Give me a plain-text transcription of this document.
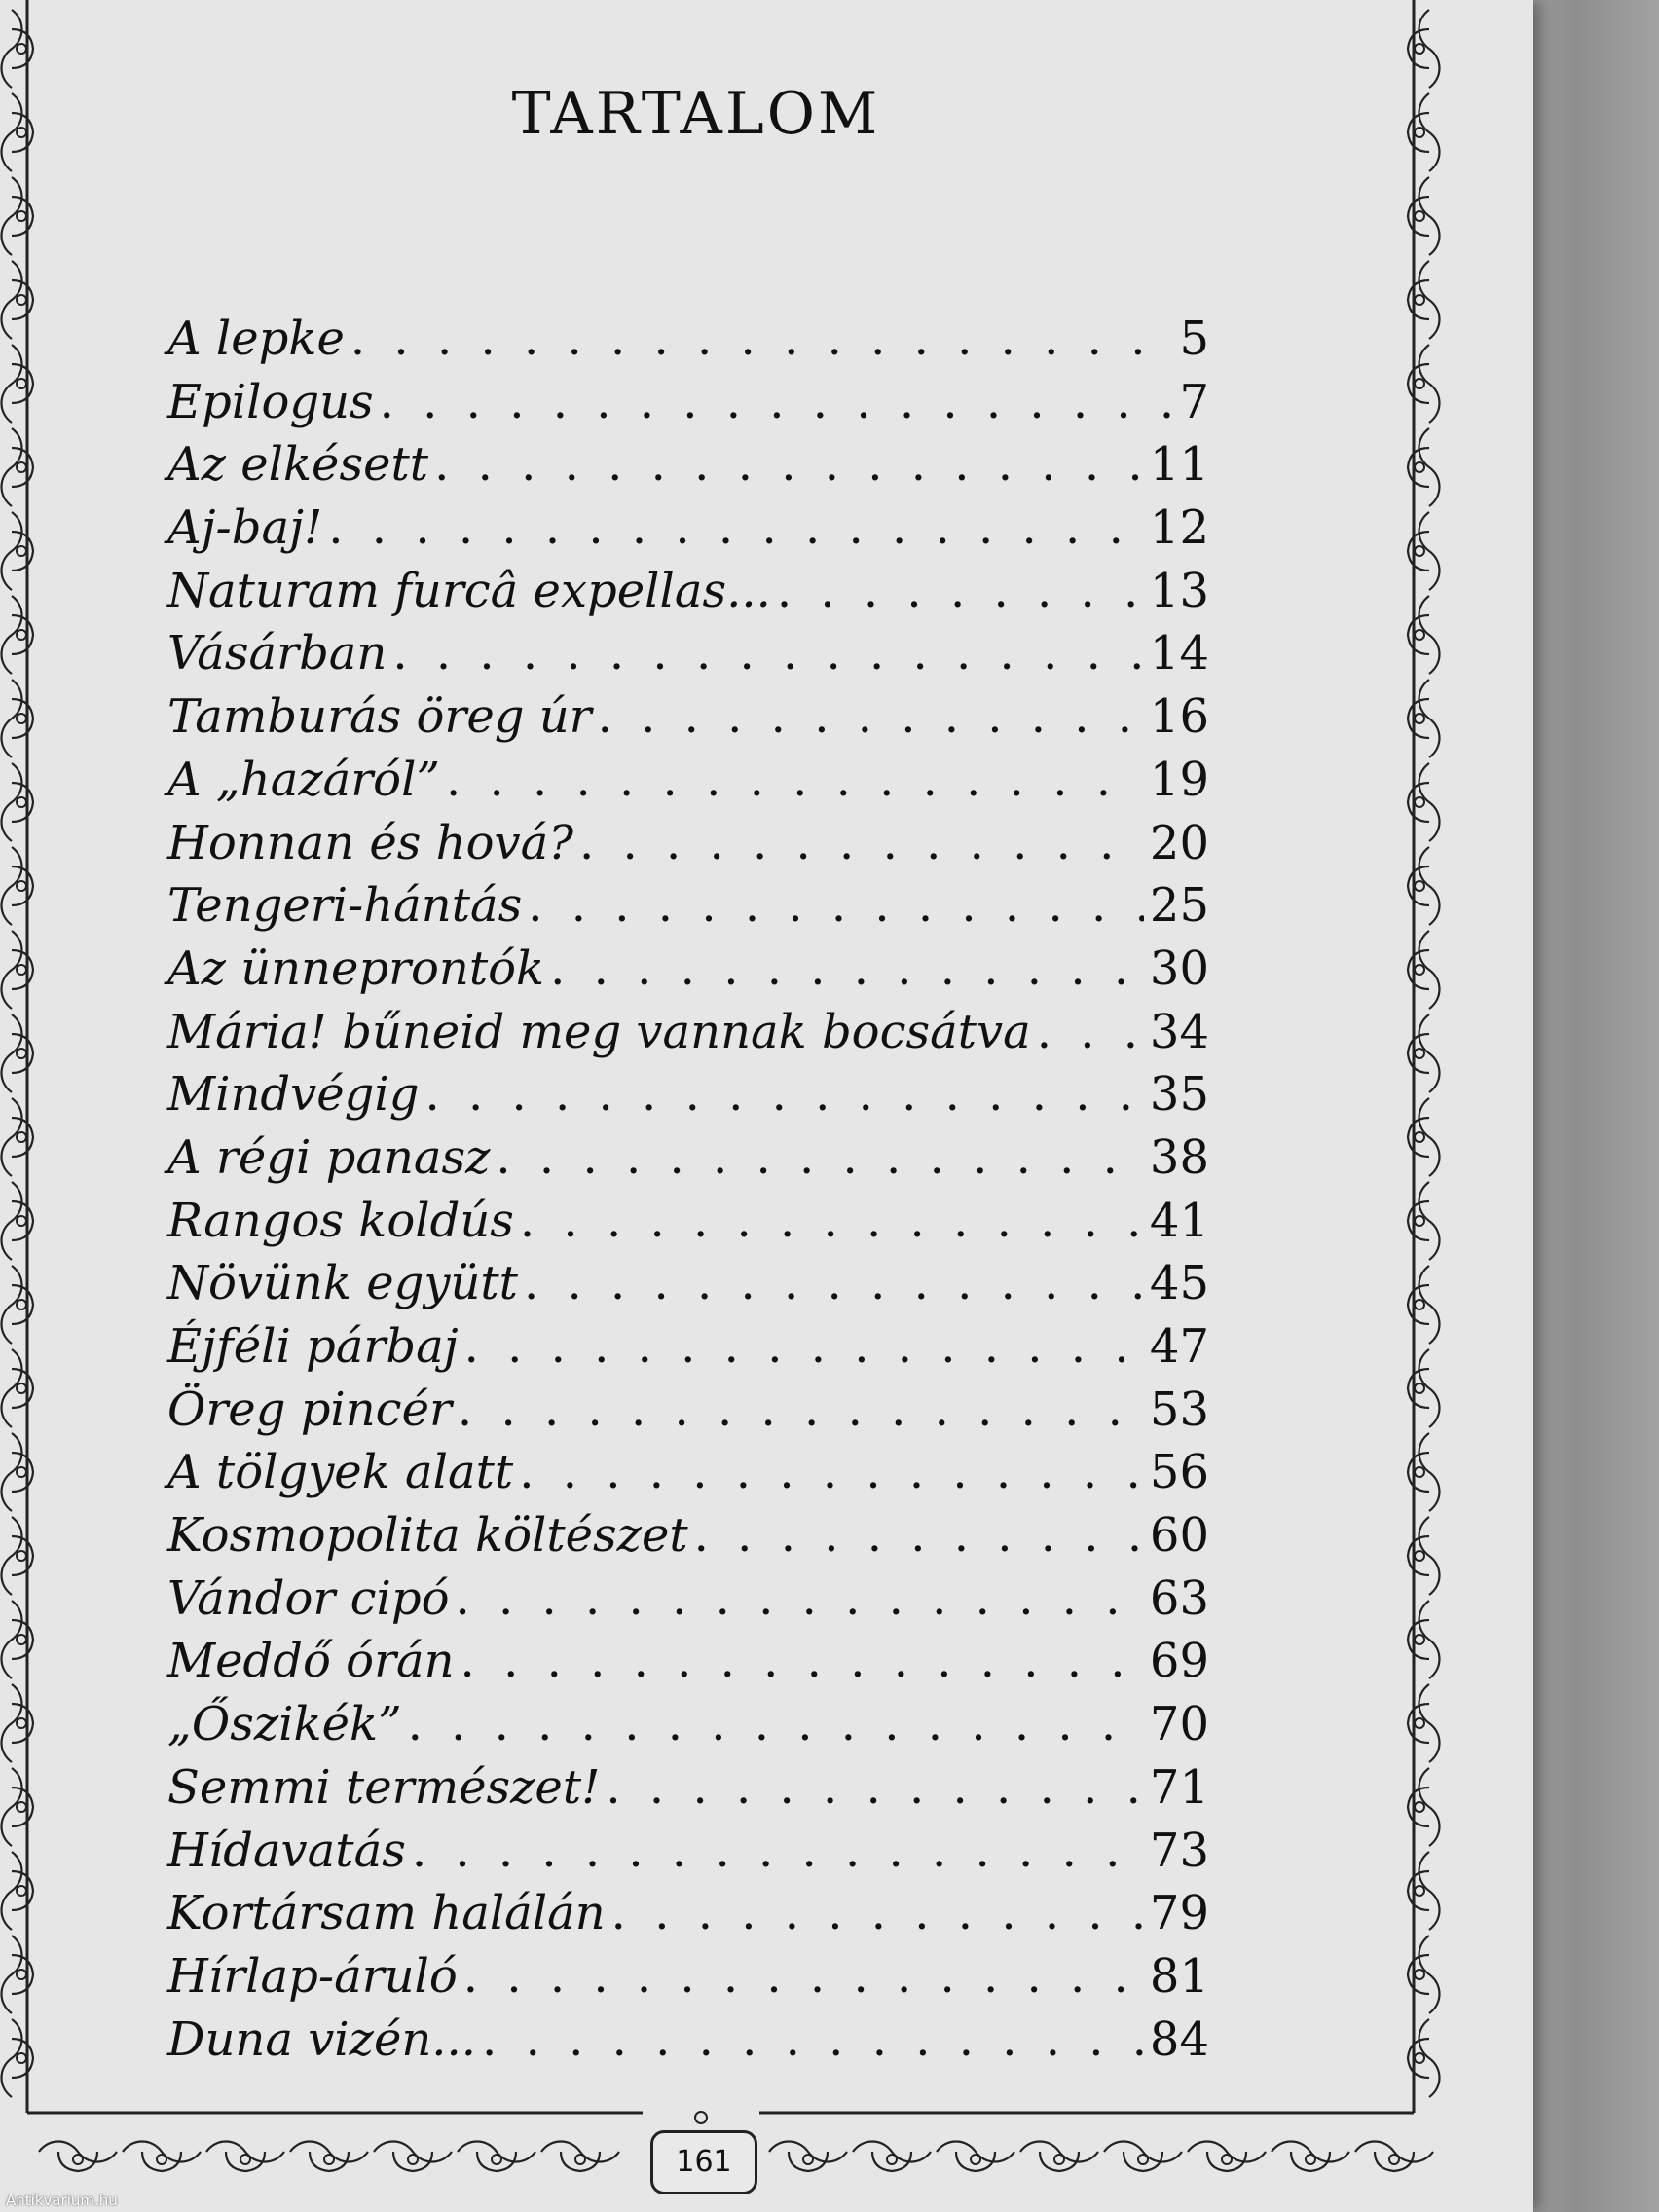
TARTALOM
A lepke . . .	5
Epilogus . . .	7
Az elkésett . . .	11
Aj-baj! . . .	12
Naturam furcâ expellas... . . .	13
Vásárban . . .	14
Tamburás öreg úr . . .	16
A „hazáról” . . .	19
Honnan és hová? . . .	20
Tengeri-hántás . . .	25
Az ünneprontók . . .	30
Mária! bűneid meg vannak bocsátva . . .	34
Mindvégig . . .	35
A régi panasz . . .	38
Rangos koldús . . .	41
Növünk együtt . . .	45
Éjféli párbaj . . .	47
Öreg pincér . . .	53
A tölgyek alatt . . .	56
Kosmopolita költészet . . .	60
Vándor cipó . . .	63
Meddő órán . . .	69
„Őszikék” . . .	70
Semmi természet! . . .	71
Hídavatás . . .	73
Kortársam halálán . . .	79
Hírlap-áruló . . .	81
Duna vizén... . . .	84
161
Antikvarium.hu
